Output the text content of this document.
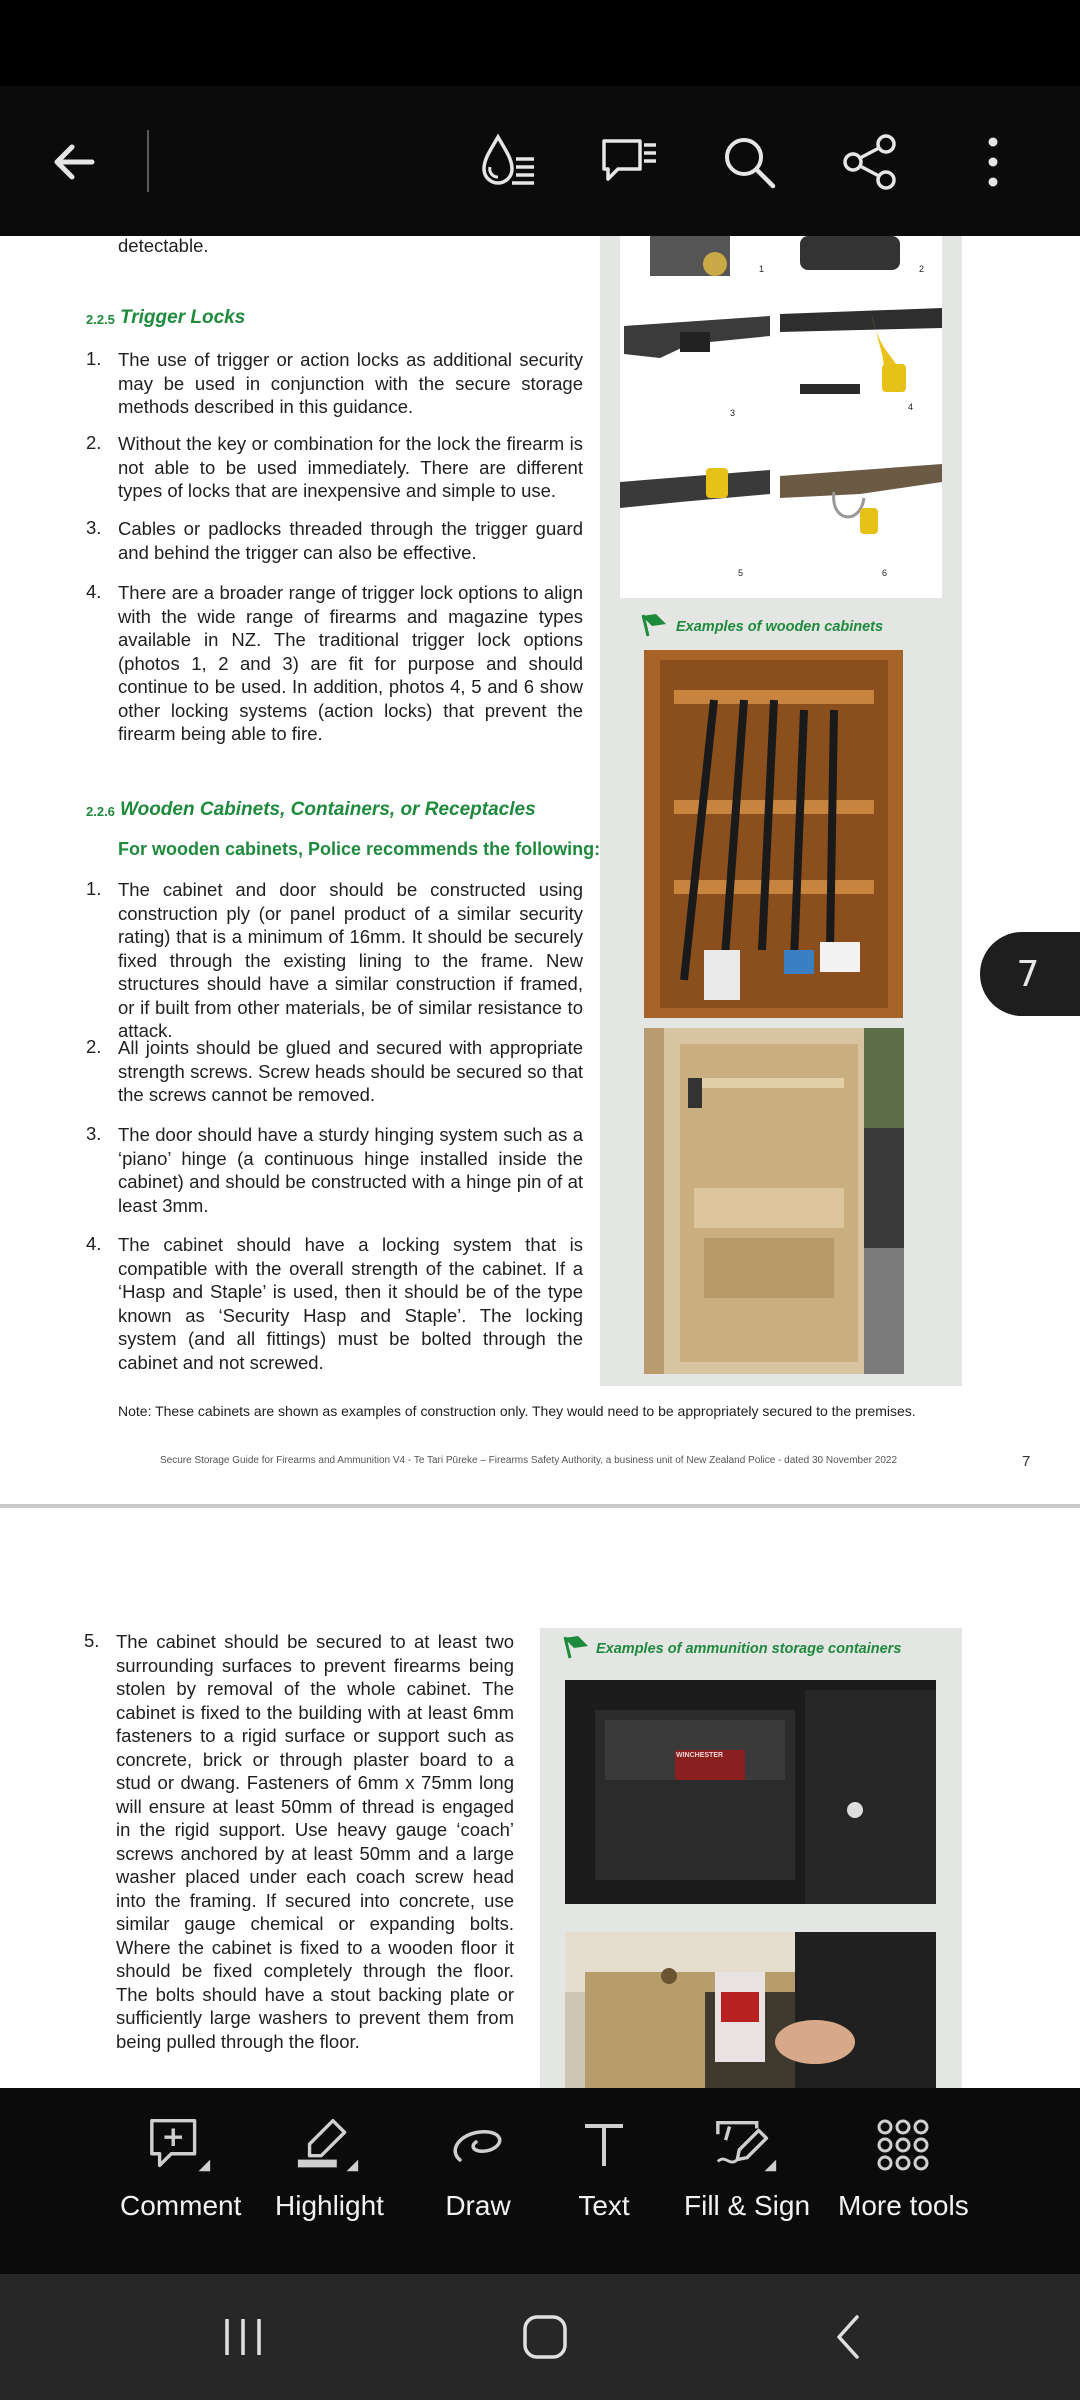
detectable.
2.2.5 Trigger Locks
1. The use of trigger or action locks as additional security may be used in conjunction with the secure storage methods described in this guidance.
2. Without the key or combination for the lock the firearm is not able to be used immediately. There are different types of locks that are inexpensive and simple to use.
3. Cables or padlocks threaded through the trigger guard and behind the trigger can also be effective.
4. There are a broader range of trigger lock options to align with the wide range of firearms and magazine types available in NZ. The traditional trigger lock options (photos 1, 2 and 3) are fit for purpose and should continue to be used. In addition, photos 4, 5 and 6 show other locking systems (action locks) that prevent the firearm being able to fire.
2.2.6 Wooden Cabinets, Containers, or Receptacles
For wooden cabinets, Police recommends the following:
1. The cabinet and door should be constructed using construction ply (or panel product of a similar security rating) that is a minimum of 16mm. It should be securely fixed through the existing lining to the frame. New structures should have a similar construction if framed, or if built from other materials, be of similar resistance to attack.
2. All joints should be glued and secured with appropriate strength screws. Screw heads should be secured so that the screws cannot be removed.
3. The door should have a sturdy hinging system such as a ‘piano’ hinge (a continuous hinge installed inside the cabinet) and should be constructed with a hinge pin of at least 3mm.
4. The cabinet should have a locking system that is compatible with the overall strength of the cabinet. If a ‘Hasp and Staple’ is used, then it should be of the type known as ‘Security Hasp and Staple’. The locking system (and all fittings) must be bolted through the cabinet and not screwed.
1	2
3
4
5	6
Examples of wooden cabinets
Note: These cabinets are shown as examples of construction only. They would need to be appropriately secured to the premises.
Secure Storage Guide for Firearms and Ammunition V4 - Te Tari Pūreke – Firearms Safety Authority, a business unit of New Zealand Police - dated 30 November 2022	7
5. The cabinet should be secured to at least two surrounding surfaces to prevent firearms being stolen by removal of the whole cabinet. The cabinet is fixed to the building with at least 6mm fasteners to a rigid surface or support such as concrete, brick or through plaster board to a stud or dwang. Fasteners of 6mm x 75mm long will ensure at least 50mm of thread is engaged in the rigid support. Use heavy gauge ‘coach’ screws anchored by at least 50mm and a large washer placed under each coach screw head into the framing. If secured into concrete, use similar gauge chemical or expanding bolts. Where the cabinet is fixed to a wooden floor it should be fixed completely through the floor. The bolts should have a stout backing plate or sufficiently large washers to prevent them from being pulled through the floor.
Examples of ammunition storage containers
WINCHESTER
7
Comment Highlight Draw Text Fill & Sign More tools
